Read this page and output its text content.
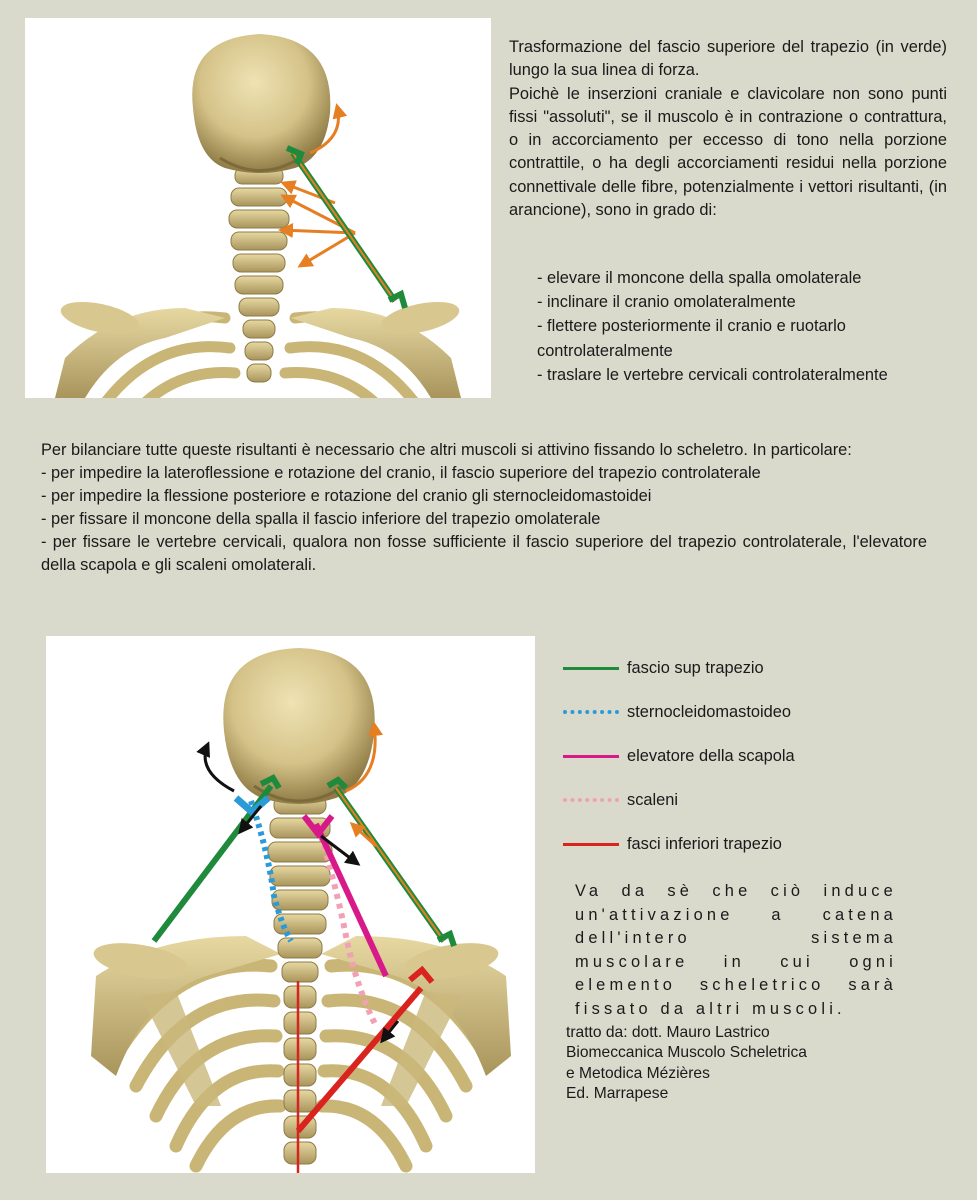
Trasformazione del fascio superiore del trapezio (in verde) lungo la sua linea di forza.

Poichè le inserzioni craniale e clavicolare non sono punti fissi "assoluti", se il muscolo è in contrazione o contrattura, o in accorciamento per eccesso di tono nella porzione contrattile, o ha degli accorciamenti residui nella porzione connettivale delle fibre, potenzialmente i vettori risultanti, (in arancione), sono in grado di:

- elevare il moncone della spalla omolaterale
- inclinare il cranio omolateralmente
- flettere posteriormente il cranio e ruotarlo controlateralmente
- traslare le vertebre cervicali controlateralmente

Per bilanciare tutte queste risultanti è necessario che altri muscoli si attivino fissando lo scheletro. In particolare:

- per impedire la lateroflessione e rotazione del cranio, il fascio superiore del trapezio controlaterale

- per impedire la flessione posteriore e rotazione del cranio gli sternocleidomastoidei

- per fissare il moncone della spalla il fascio inferiore del trapezio omolaterale

- per fissare le vertebre cervicali, qualora non fosse sufficiente il fascio superiore del trapezio controlaterale, l'elevatore della scapola e gli scaleni omolaterali.

fascio sup trapezio
sternocleidomastoideo
elevatore della scapola
scaleni
fasci inferiori trapezio
Va da sè che ciò induce un'attivazione a catena dell'intero sistema muscolare in cui ogni elemento scheletrico sarà fissato da altri muscoli.
tratto da: dott. Mauro Lastrico
Biomeccanica Muscolo Scheletrica
e Metodica Mézières
Ed. Marrapese
